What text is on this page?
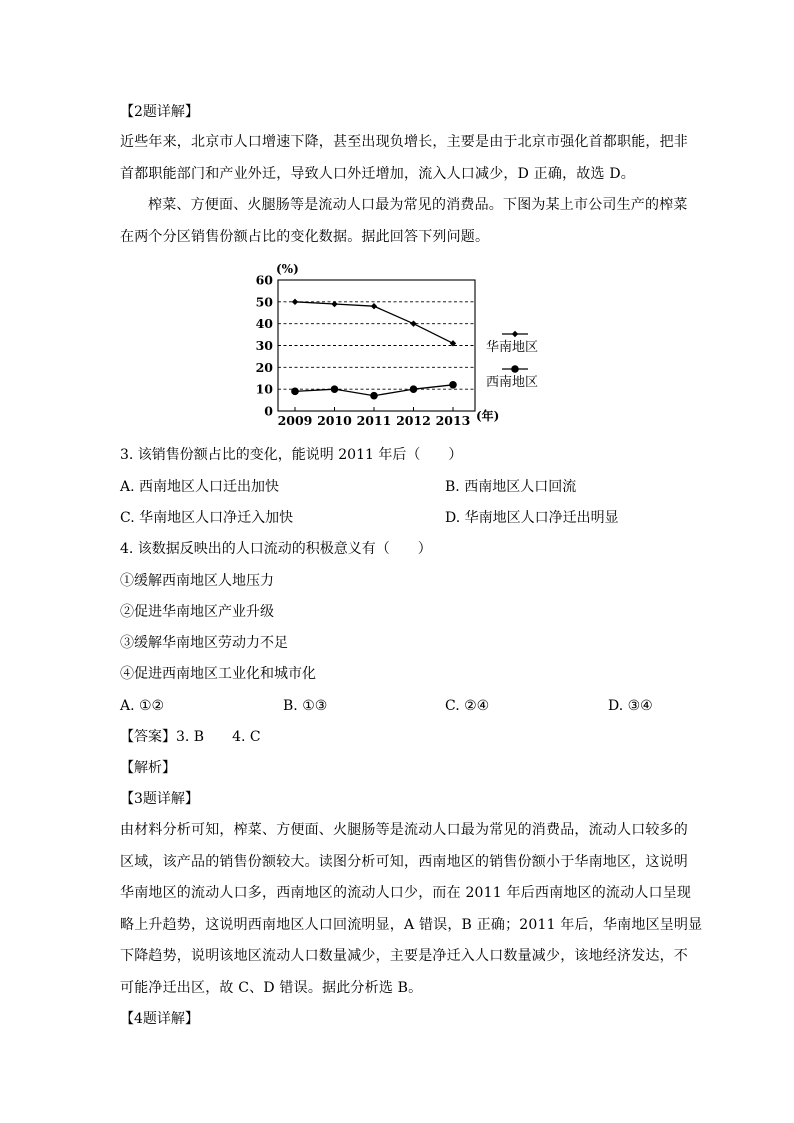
【2题详解】
近些年来，北京市人口增速下降，甚至出现负增长，主要是由于北京市强化首都职能，把非
首都职能部门和产业外迁，导致人口外迁增加，流入人口减少，D 正确，故选 D。
榨菜、方便面、火腿肠等是流动人口最为常见的消费品。下图为某上市公司生产的榨菜
在两个分区销售份额占比的变化数据。据此回答下列问题。
0
10
20
30
40
50
60
2009 2010 2011 2012 2013
(%)
(年)
华南地区
西南地区
3. 该销售份额占比的变化，能说明 2011 年后（　　）
A. 西南地区人口迁出加快	B. 西南地区人口回流
C. 华南地区人口净迁入加快	D. 华南地区人口净迁出明显
4. 该数据反映出的人口流动的积极意义有（　　）
①缓解西南地区人地压力
②促进华南地区产业升级
③缓解华南地区劳动力不足
④促进西南地区工业化和城市化
A. ①②	B. ①③	C. ②④	D. ③④
【答案】3. B　　4. C
【解析】
【3题详解】
由材料分析可知，榨菜、方便面、火腿肠等是流动人口最为常见的消费品，流动人口较多的
区域，该产品的销售份额较大。读图分析可知，西南地区的销售份额小于华南地区，这说明
华南地区的流动人口多，西南地区的流动人口少，而在 2011 年后西南地区的流动人口呈现
略上升趋势，这说明西南地区人口回流明显，A 错误，B 正确；2011 年后，华南地区呈明显
下降趋势，说明该地区流动人口数量减少，主要是净迁入人口数量减少，该地经济发达，不
可能净迁出区，故 C、D 错误。据此分析选 B。
【4题详解】
